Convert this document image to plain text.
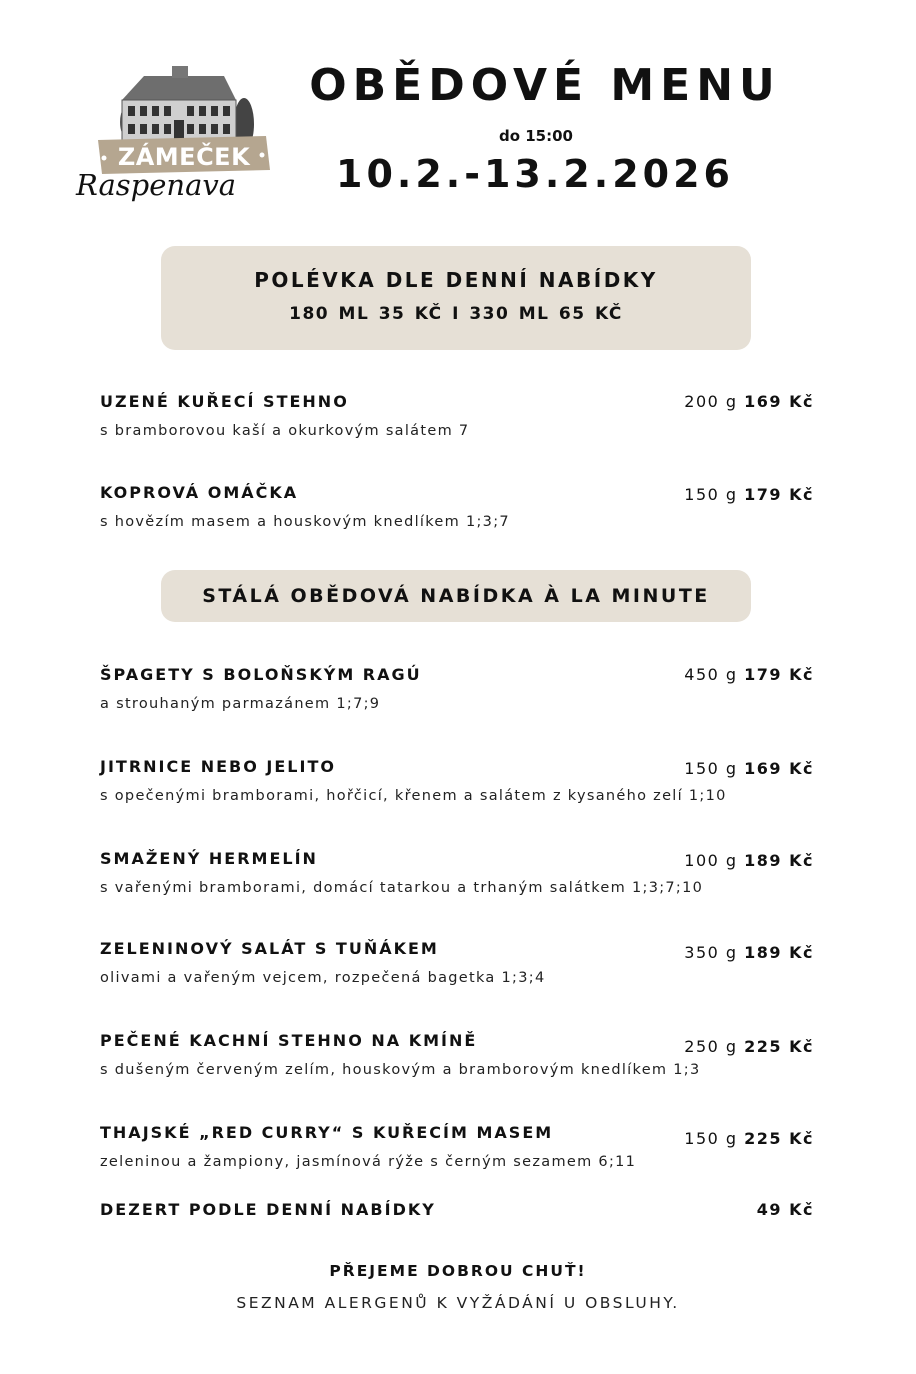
ZÁMEČEK
Raspenava
OBĚDOVÉ MENU

do 15:00

10.2.-13.2.2026

POLÉVKA DLE DENNÍ NABÍDKY
180 ML 35 KČ I 330 ML 65 KČ
UZENÉ KUŘECÍ STEHNO
s bramborovou kaší a okurkovým salátem 7
200 g 169 Kč
KOPROVÁ OMÁČKA
s hovězím masem a houskovým knedlíkem 1;3;7
150 g 179 Kč
STÁLÁ OBĚDOVÁ NABÍDKA À LA MINUTE
ŠPAGETY S BOLOŇSKÝM RAGÚ
a strouhaným parmazánem 1;7;9
450 g 179 Kč
JITRNICE NEBO JELITO
s opečenými bramborami, hořčicí, křenem a salátem z kysaného zelí 1;10
150 g 169 Kč
SMAŽENÝ HERMELÍN
s vařenými bramborami, domácí tatarkou a trhaným salátkem 1;3;7;10
100 g 189 Kč
ZELENINOVÝ SALÁT S TUŇÁKEM
olivami a vařeným vejcem, rozpečená bagetka 1;3;4
350 g 189 Kč
PEČENÉ KACHNÍ STEHNO NA KMÍNĚ
s dušeným červeným zelím, houskovým a bramborovým knedlíkem 1;3
250 g 225 Kč
THAJSKÉ „RED CURRY“ S KUŘECÍM MASEM
zeleninou a žampiony, jasmínová rýže s černým sezamem 6;11
150 g 225 Kč
DEZERT PODLE DENNÍ NABÍDKY	49 Kč

PŘEJEME DOBROU CHUŤ!

SEZNAM ALERGENŮ K VYŽÁDÁNÍ U OBSLUHY.
